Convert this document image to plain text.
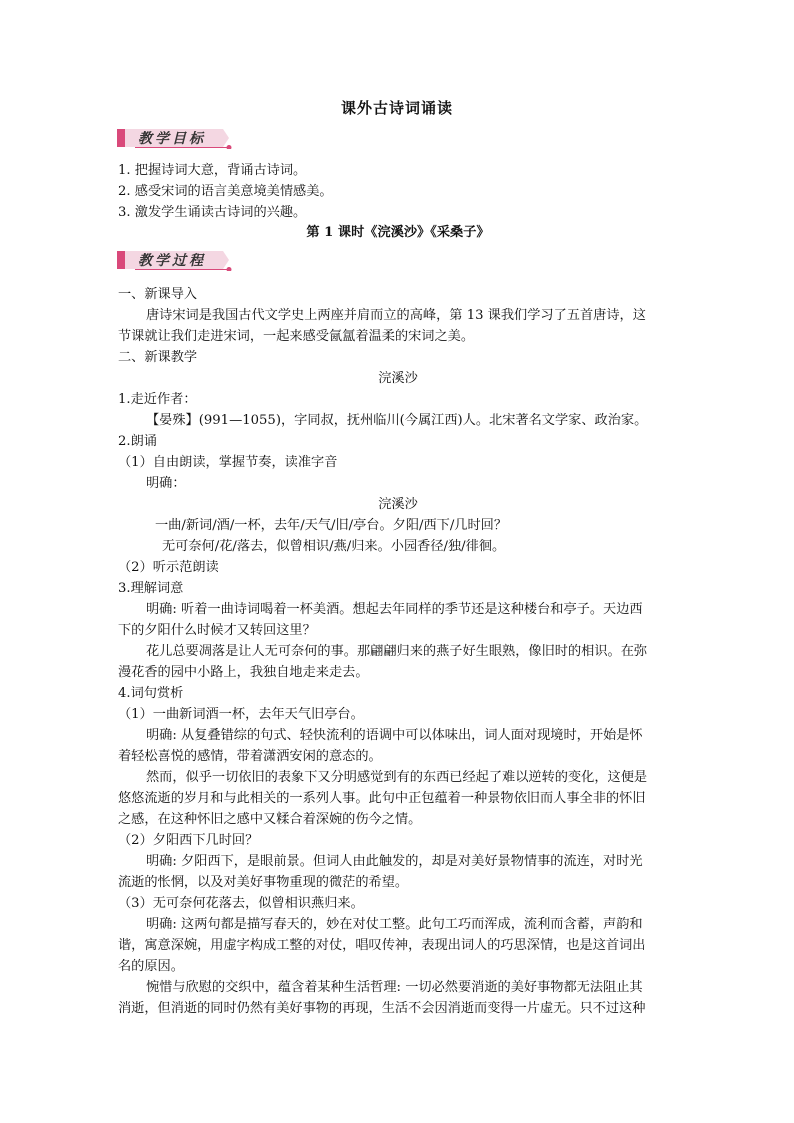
课外古诗词诵读
教学目标
1. 把握诗词大意，背诵古诗词。
2. 感受宋词的语言美意境美情感美。
3. 激发学生诵读古诗词的兴趣。
第 1 课时《浣溪沙》《采桑子》
教学过程
一、新课导入
唐诗宋词是我国古代文学史上两座并肩而立的高峰，第 13 课我们学习了五首唐诗，这
节课就让我们走进宋词，一起来感受氤氲着温柔的宋词之美。
二、新课教学
浣溪沙
1.走近作者：
【晏殊】(991—1055)，字同叔，抚州临川(今属江西)人。北宋著名文学家、政治家。
2.朗诵
（1）自由朗读，掌握节奏，读准字音
明确：
浣溪沙
一曲/新词/酒/一杯，去年/天气/旧/亭台。夕阳/西下/几时回？
无可奈何/花/落去，似曾相识/燕/归来。小园香径/独/徘徊。
（2）听示范朗读
3.理解词意
明确: 听着一曲诗词喝着一杯美酒。想起去年同样的季节还是这种楼台和亭子。天边西
下的夕阳什么时候才又转回这里？
花儿总要凋落是让人无可奈何的事。那翩翩归来的燕子好生眼熟，像旧时的相识。在弥
漫花香的园中小路上，我独自地走来走去。
4.词句赏析
（1）一曲新词酒一杯，去年天气旧亭台。
明确: 从复叠错综的句式、轻快流利的语调中可以体味出，词人面对现境时，开始是怀
着轻松喜悦的感情，带着潇洒安闲的意态的。
然而，似乎一切依旧的表象下又分明感觉到有的东西已经起了难以逆转的变化，这便是
悠悠流逝的岁月和与此相关的一系列人事。此句中正包蕴着一种景物依旧而人事全非的怀旧
之感，在这种怀旧之感中又糅合着深婉的伤今之情。
（2）夕阳西下几时回？
明确: 夕阳西下，是眼前景。但词人由此触发的，却是对美好景物情事的流连，对时光
流逝的怅惘，以及对美好事物重现的微茫的希望。
（3）无可奈何花落去，似曾相识燕归来。
明确: 这两句都是描写春天的，妙在对仗工整。此句工巧而浑成，流利而含蓄，声韵和
谐，寓意深婉，用虚字构成工整的对仗，唱叹传神，表现出词人的巧思深情，也是这首词出
名的原因。
惋惜与欣慰的交织中，蕴含着某种生活哲理: 一切必然要消逝的美好事物都无法阻止其
消逝，但消逝的同时仍然有美好事物的再现，生活不会因消逝而变得一片虚无。只不过这种
